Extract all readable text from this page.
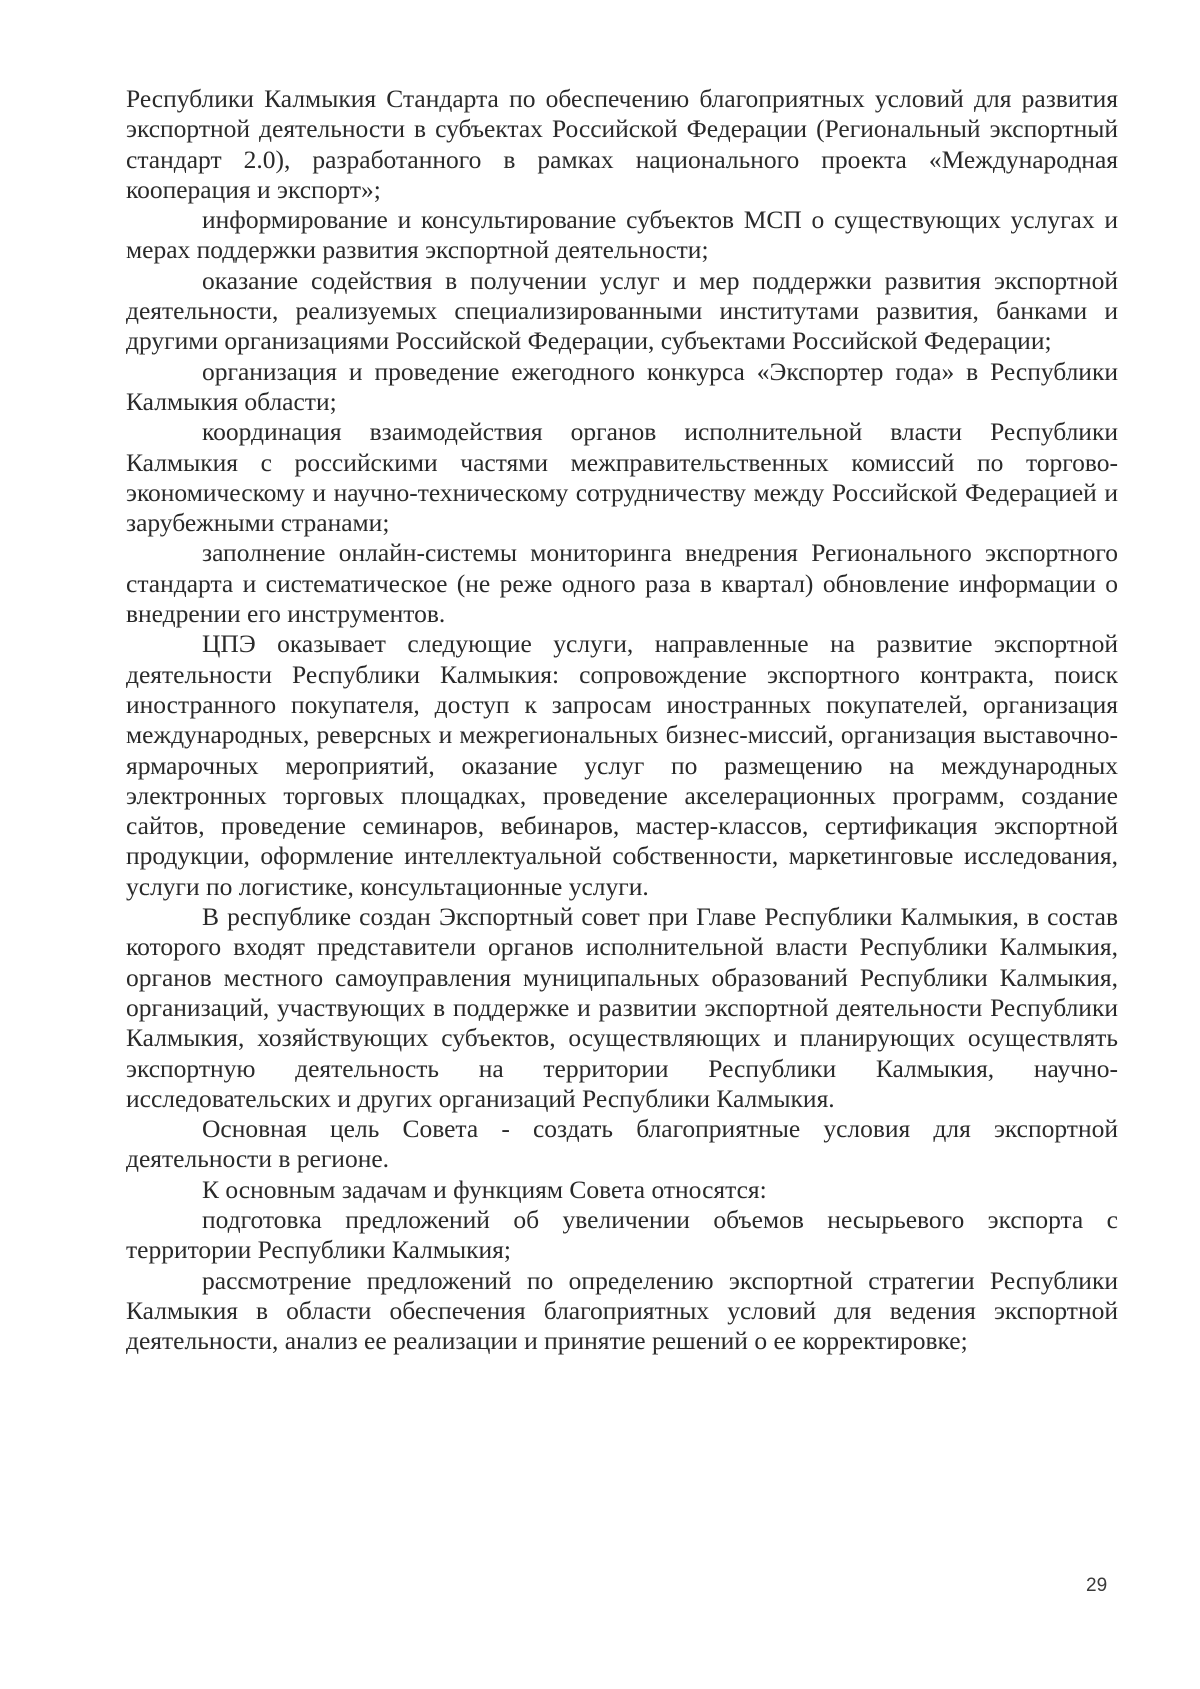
Республики Калмыкия Стандарта по обеспечению благоприятных условий для развития экспортной деятельности в субъектах Российской Федерации (Региональный экспортный стандарт 2.0), разработанного в рамках национального проекта «Международная кооперация и экспорт»;

информирование и консультирование субъектов МСП о существующих услугах и мерах поддержки развития экспортной деятельности;

оказание содействия в получении услуг и мер поддержки развития экспортной деятельности, реализуемых специализированными институтами развития, банками и другими организациями Российской Федерации, субъектами Российской Федерации;

организация и проведение ежегодного конкурса «Экспортер года» в Республики Калмыкия области;

координация взаимодействия органов исполнительной власти Республики Калмыкия с российскими частями межправительственных комиссий по торгово-экономическому и научно-техническому сотрудничеству между Российской Федерацией и зарубежными странами;

заполнение онлайн-системы мониторинга внедрения Регионального экспортного стандарта и систематическое (не реже одного раза в квартал) обновление информации о внедрении его инструментов.

ЦПЭ оказывает следующие услуги, направленные на развитие экспортной деятельности Республики Калмыкия: сопровождение экспортного контракта, поиск иностранного покупателя, доступ к запросам иностранных покупателей, организация международных, реверсных и межрегиональных бизнес-миссий, организация выставочно-ярмарочных мероприятий, оказание услуг по размещению на международных электронных торговых площадках, проведение акселерационных программ, создание сайтов, проведение семинаров, вебинаров, мастер-классов, сертификация экспортной продукции, оформление интеллектуальной собственности, маркетинговые исследования, услуги по логистике, консультационные услуги.

В республике создан Экспортный совет при Главе Республики Калмыкия, в состав которого входят представители органов исполнительной власти Республики Калмыкия, органов местного самоуправления муниципальных образований Республики Калмыкия, организаций, участвующих в поддержке и развитии экспортной деятельности Республики Калмыкия, хозяйствующих субъектов, осуществляющих и планирующих осуществлять экспортную деятельность на территории Республики Калмыкия, научно-исследовательских и других организаций Республики Калмыкия.

Основная цель Совета - создать благоприятные условия для экспортной деятельности в регионе.

К основным задачам и функциям Совета относятся:

подготовка предложений об увеличении объемов несырьевого экспорта с территории Республики Калмыкия;

рассмотрение предложений по определению экспортной стратегии Республики Калмыкия в области обеспечения благоприятных условий для ведения экспортной деятельности, анализ ее реализации и принятие решений о ее корректировке;

29
